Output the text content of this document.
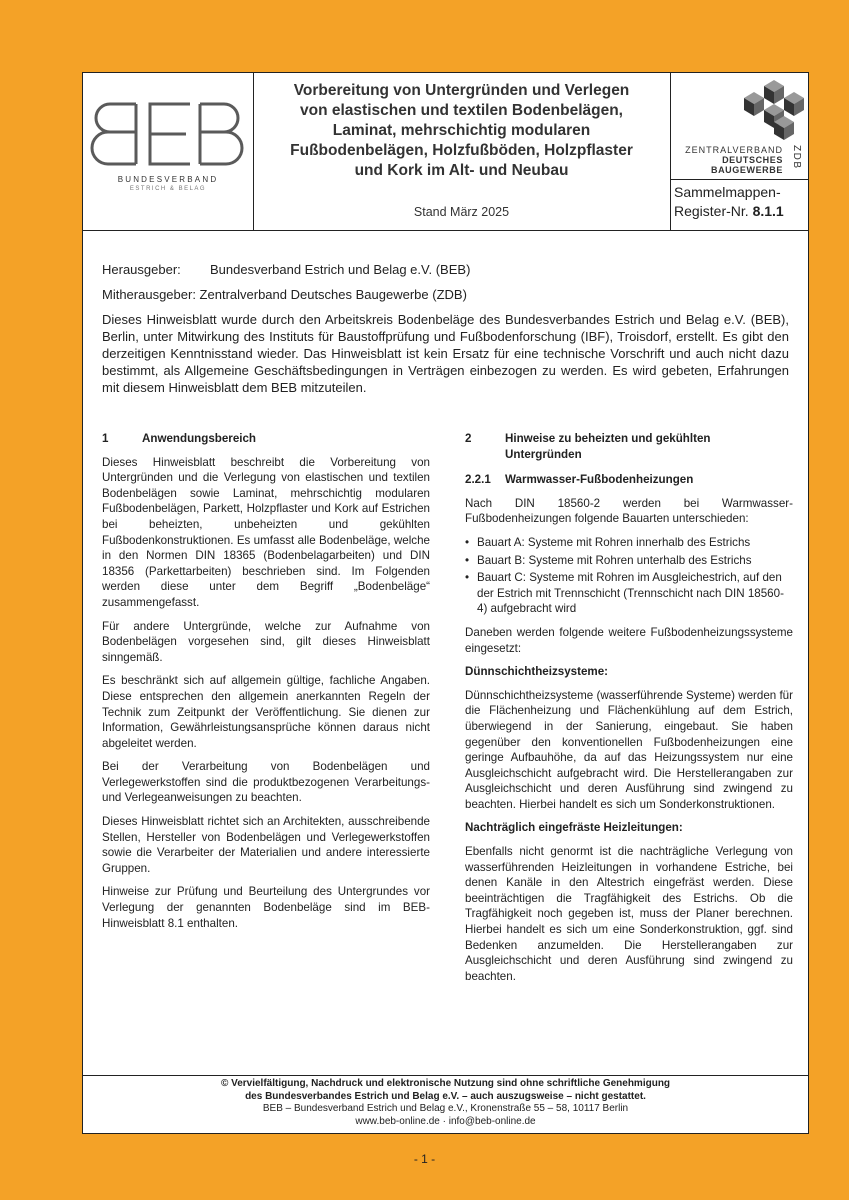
BUNDESVERBAND
ESTRICH & BELAG
Vorbereitung von Untergründen und Verlegen
von elastischen und textilen Bodenbelägen,
Laminat, mehrschichtig modularen
Fußbodenbelägen, Holzfußböden, Holzpflaster
und Kork im Alt- und Neubau
Stand März 2025
ZENTRALVERBAND
DEUTSCHES
BAUGEWERBE
ZDB
Sammelmappen-
Register-Nr. 8.1.1

Herausgeber: Bundesverband Estrich und Belag e.V. (BEB)

Mitherausgeber: Zentralverband Deutsches Baugewerbe (ZDB)

Dieses Hinweisblatt wurde durch den Arbeitskreis Bodenbeläge des Bundesverbandes Estrich und Belag e.V. (BEB), Berlin, unter Mitwirkung des Instituts für Baustoffprüfung und Fußbodenforschung (IBF), Troisdorf, erstellt. Es gibt den derzeitigen Kenntnisstand wieder. Das Hinweisblatt ist kein Ersatz für eine technische Vorschrift und auch nicht dazu bestimmt, als Allgemeine Geschäftsbedingungen in Verträgen einbezogen zu werden. Es wird gebeten, Erfahrungen mit diesem Hinweisblatt dem BEB mitzuteilen.

1	Anwendungsbereich

Dieses Hinweisblatt beschreibt die Vorbereitung von Untergründen und die Verlegung von elastischen und textilen Bodenbelägen sowie Laminat, mehrschichtig modularen Fußbodenbelägen, Parkett, Holzpflaster und Kork auf Estrichen bei beheizten, unbeheizten und gekühlten Fußbodenkonstruktionen. Es umfasst alle Bodenbeläge, welche in den Normen DIN 18365 (Bodenbelagarbeiten) und DIN 18356 (Parkettarbeiten) beschrieben sind. Im Folgenden werden diese unter dem Begriff „Bodenbeläge“ zusammengefasst.

Für andere Untergründe, welche zur Aufnahme von Bodenbelägen vorgesehen sind, gilt dieses Hinweisblatt sinngemäß.

Es beschränkt sich auf allgemein gültige, fachliche Angaben. Diese entsprechen den allgemein anerkannten Regeln der Technik zum Zeitpunkt der Veröffentlichung. Sie dienen zur Information, Gewährleistungsansprüche können daraus nicht abgeleitet werden.

Bei der Verarbeitung von Bodenbelägen und Verlegewerkstoffen sind die produktbezogenen Verarbeitungs- und Verlegeanweisungen zu beachten.

Dieses Hinweisblatt richtet sich an Architekten, ausschreibende Stellen, Hersteller von Bodenbelägen und Verlegewerkstoffen sowie die Verarbeiter der Materialien und andere interessierte Gruppen.

Hinweise zur Prüfung und Beurteilung des Untergrundes vor Verlegung der genannten Bodenbeläge sind im BEB-Hinweisblatt 8.1 enthalten.

2	Hinweise zu beheizten und gekühlten Untergründen
2.2.1 Warmwasser-Fußbodenheizungen

Nach DIN 18560-2 werden bei Warmwasser-Fußbodenheizungen folgende Bauarten unterschieden:

• Bauart A: Systeme mit Rohren innerhalb des Estrichs
• Bauart B: Systeme mit Rohren unterhalb des Estrichs
• Bauart C: Systeme mit Rohren im Ausgleichestrich, auf den der Estrich mit Trennschicht (Trennschicht nach DIN 18560-4) aufgebracht wird

Daneben werden folgende weitere Fußbodenheizungssysteme eingesetzt:

Dünnschichtheizsysteme:

Dünnschichtheizsysteme (wasserführende Systeme) werden für die Flächenheizung und Flächenkühlung auf dem Estrich, überwiegend in der Sanierung, eingebaut. Sie haben gegenüber den konventionellen Fußbodenheizungen eine geringe Aufbauhöhe, da auf das Heizungssystem nur eine Ausgleichschicht aufgebracht wird. Die Herstellerangaben zur Ausgleichschicht und deren Ausführung sind zwingend zu beachten. Hierbei handelt es sich um Sonderkonstruktionen.

Nachträglich eingefräste Heizleitungen:

Ebenfalls nicht genormt ist die nachträgliche Verlegung von wasserführenden Heizleitungen in vorhandene Estriche, bei denen Kanäle in den Altestrich eingefräst werden. Diese beeinträchtigen die Tragfähigkeit des Estrichs. Ob die Tragfähigkeit noch gegeben ist, muss der Planer berechnen. Hierbei handelt es sich um eine Sonderkonstruktion, ggf. sind Bedenken anzumelden. Die Herstellerangaben zur Ausgleichschicht und deren Ausführung sind zwingend zu beachten.

© Vervielfältigung, Nachdruck und elektronische Nutzung sind ohne schriftliche Genehmigung
des Bundesverbandes Estrich und Belag e.V. – auch auszugsweise – nicht gestattet.
BEB – Bundesverband Estrich und Belag e.V., Kronenstraße 55 – 58, 10117 Berlin
www.beb-online.de · info@beb-online.de
- 1 -
